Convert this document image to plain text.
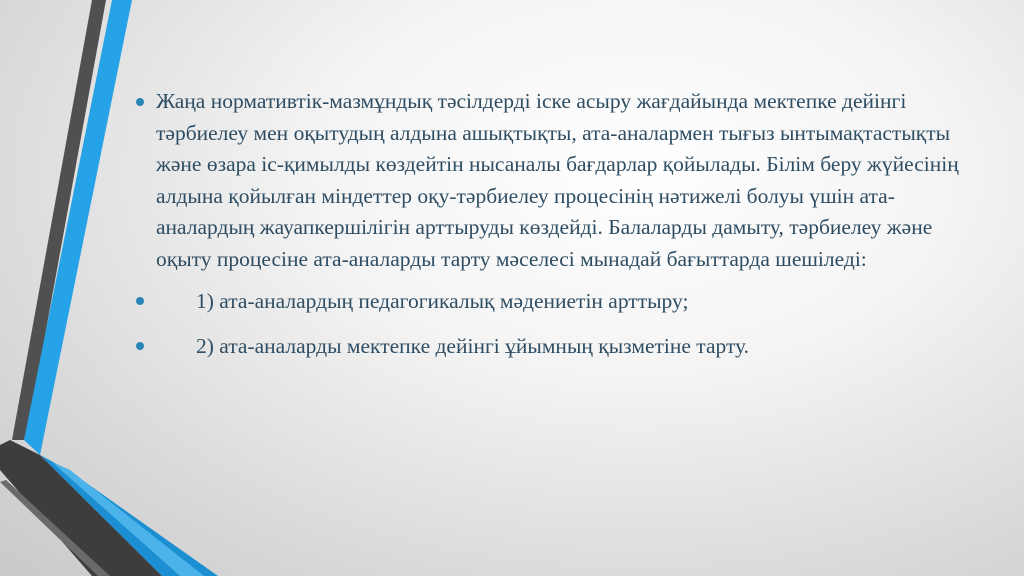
Жаңа нормативтік-мазмұндық тәсілдерді іске асыру жағдайында мектепке дейінгі тәрбиелеу мен оқытудың алдына ашықтықты, ата-аналармен тығыз ынтымақтастықты және өзара іс-қимылды көздейтін нысаналы бағдарлар қойылады. Білім беру жүйесінің алдына қойылған міндеттер оқу-тәрбиелеу процесінің нәтижелі болуы үшін ата-аналардың жауапкершілігін арттыруды көздейді. Балаларды дамыту, тәрбиелеу және оқыту процесіне ата-аналарды тарту мәселесі мынадай бағыттарда шешіледі:
1) ата-аналардың педагогикалық мәдениетін арттыру;
2) ата-аналарды мектепке дейінгі ұйымның қызметіне тарту.
